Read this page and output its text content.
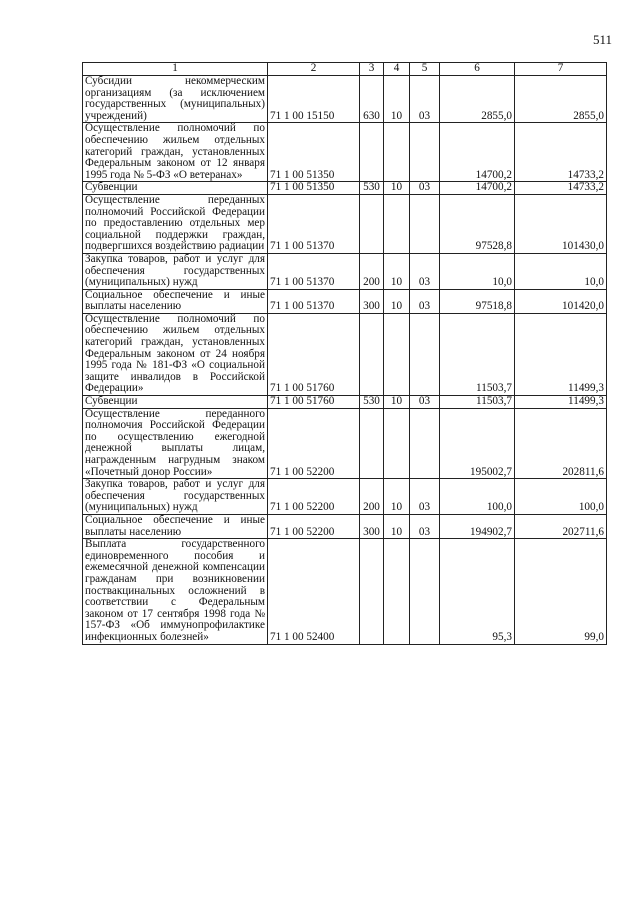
511
1	2	3	4	5	6	7
Субсидии некоммерческим организациям (за исключением государственных (муниципальных) учреждений)	71 1 00 15150	630	10	03	2855,0	2855,0
Осуществление полномочий по обеспечению жильем отдельных категорий граждан, установленных Федеральным законом от 12 января 1995 года № 5-ФЗ «О ветеранах»	71 1 00 51350				14700,2	14733,2
Субвенции	71 1 00 51350	530	10	03	14700,2	14733,2
Осуществление переданных полномочий Российской Федерации по предоставлению отдельных мер социальной поддержки граждан, подвергшихся воздействию радиации	71 1 00 51370				97528,8	101430,0
Закупка товаров, работ и услуг для обеспечения государственных (муниципальных) нужд	71 1 00 51370	200	10	03	10,0	10,0
Социальное обеспечение и иные выплаты населению	71 1 00 51370	300	10	03	97518,8	101420,0
Осуществление полномочий по обеспечению жильем отдельных категорий граждан, установленных Федеральным законом от 24 ноября 1995 года № 181-ФЗ «О социальной защите инвалидов в Российской Федерации»	71 1 00 51760				11503,7	11499,3
Субвенции	71 1 00 51760	530	10	03	11503,7	11499,3
Осуществление переданного полномочия Российской Федерации по осуществлению ежегодной денежной выплаты лицам, награжденным нагрудным знаком «Почетный донор России»	71 1 00 52200				195002,7	202811,6
Закупка товаров, работ и услуг для обеспечения государственных (муниципальных) нужд	71 1 00 52200	200	10	03	100,0	100,0
Социальное обеспечение и иные выплаты населению	71 1 00 52200	300	10	03	194902,7	202711,6
Выплата государственного единовременного пособия и ежемесячной денежной компенсации гражданам при возникновении поствакцинальных осложнений в соответствии с Федеральным законом от 17 сентября 1998 года № 157-ФЗ «Об иммунопрофилактике инфекционных болезней»	71 1 00 52400				95,3	99,0
